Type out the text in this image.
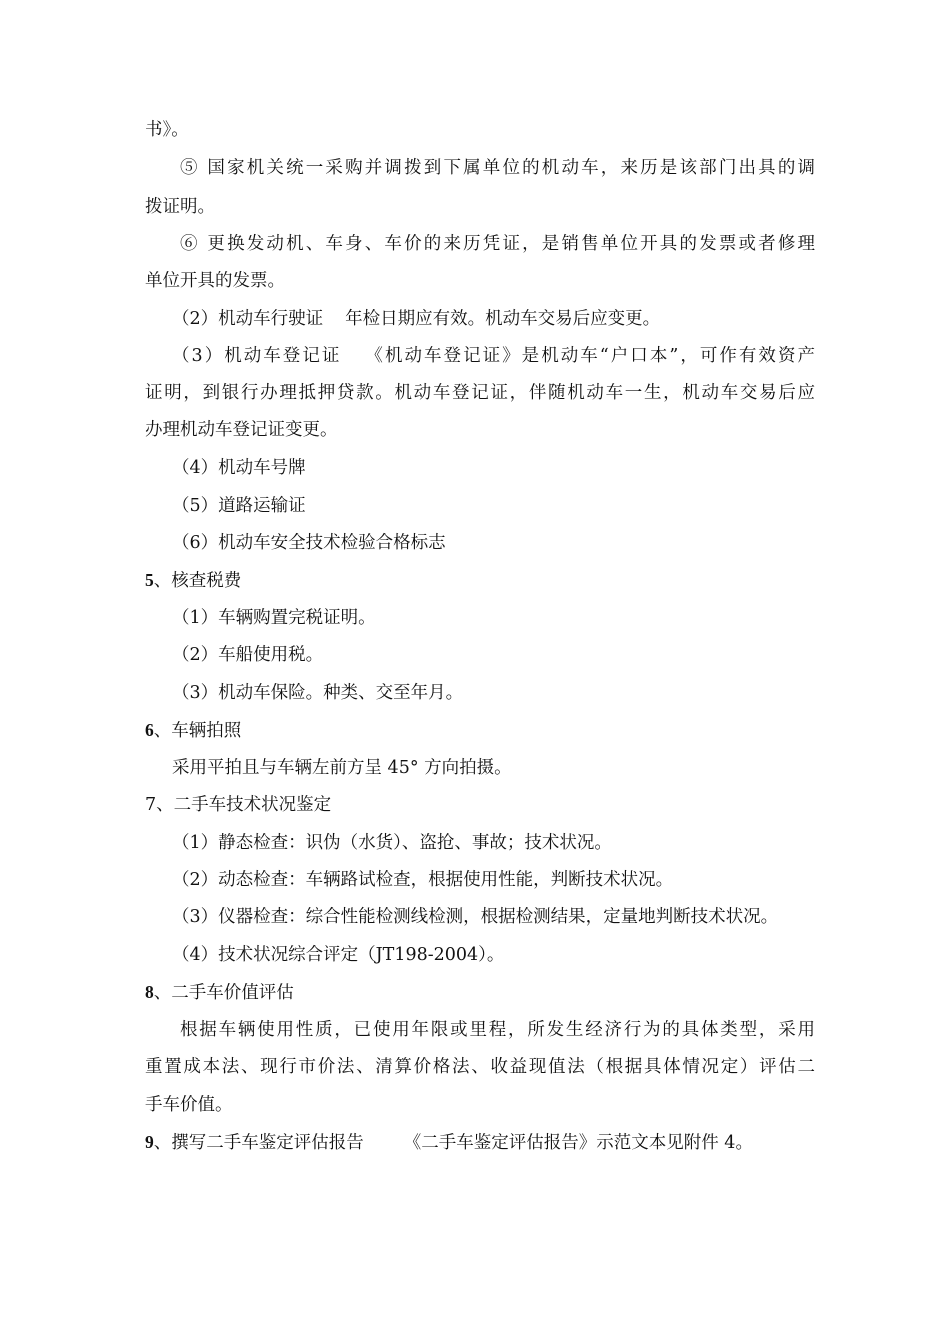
书》。
⑤ 国家机关统一采购并调拨到下属单位的机动车，来历是该部门出具的调
拨证明。
⑥ 更换发动机、车身、车价的来历凭证，是销售单位开具的发票或者修理
单位开具的发票。
（2）机动车行驶证 年检日期应有效。机动车交易后应变更。
（3）机动车登记证 《机动车登记证》是机动车“户口本”，可作有效资产
证明，到银行办理抵押贷款。机动车登记证，伴随机动车一生，机动车交易后应
办理机动车登记证变更。
（4）机动车号牌
（5）道路运输证
（6）机动车安全技术检验合格标志
5、核查税费
（1）车辆购置完税证明。
（2）车船使用税。
（3）机动车保险。种类、交至年月。
6、车辆拍照
采用平拍且与车辆左前方呈 45° 方向拍摄。
7、二手车技术状况鉴定
（1）静态检查：识伪（水货）、盗抢、事故；技术状况。
（2）动态检查：车辆路试检查，根据使用性能，判断技术状况。
（3）仪器检查：综合性能检测线检测，根据检测结果，定量地判断技术状况。
（4）技术状况综合评定（JT198-2004）。
8、二手车价值评估
根据车辆使用性质，已使用年限或里程，所发生经济行为的具体类型，采用
重置成本法、现行市价法、清算价格法、收益现值法（根据具体情况定）评估二
手车价值。
9、撰写二手车鉴定评估报告 《二手车鉴定评估报告》示范文本见附件 4。
